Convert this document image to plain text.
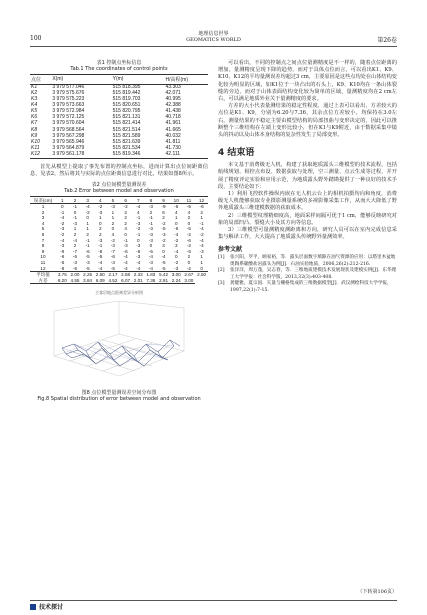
100
地理信息世界
GEOMATICS WORLD	第26卷
表1 控制点坐标信息
Tab.1 The coordinates of control points
点位	X(m)	Y(m)	H/高程(m)
K1	3 979 577.046	515 818.395	43.303
K2	3 979 575.676	515 819.442	42.071
K3	3 979 575.223	515 819.703	40.995
K4	3 979 573.663	515 820.651	42.388
K5	3 979 572.984	515 820.795	41.438
K6	3 979 572.125	515 821.131	40.718
K7	3 979 570.604	515 821.414	41.961
K8	3 979 568.564	515 821.514	41.665
K9	3 979 567.298	515 821.589	40.032
K10	3 979 565.946	515 821.639	41.811
K11	3 979 564.879	515 821.534	41.730
K12	3 979 561.178	515 819.346	42.111

首先从模型上提取了事先布置的控制点坐标，进而计算出点位间距离信息，见表2。然后将其与实际的点位距离信息进行对比，结果如图8所示。

表2 点位间模型量测误差
Tab.2 Error between model and observation
误差(cm)	1	2	3	4	5	6	7	8	9	10	11	12
1	0	-1	-4	-2	-3	-2	-4	-3	-9	-6	-5	-6
2	-1	0	-2	-3	1	2	4	2	6	4	4	2
3	-4	-1	0	1	1	2	-1	-1	2	1	2	1
4	-2	-3	1	0	2	2	-3	-1	-2	0	0	-1
5	-3	1	1	2	0	4	-2	-3	-5	-6	-5	-4
6	-2	2	2	2	4	0	-1	-3	-3	-4	-2	-2
7	-4	-4	-1	-3	-2	-1	0	-3	-2	-2	-6	-4
8	-3	2	-1	-1	-3	-3	-3	0	3	3	-2	-4
9	-9	-7	-6	-8	-7	-6	-6	-5	0	-4	-5	-3
10	-6	-6	-5	-5	-6	-4	-3	-4	-4	0	2	1
11	-5	-3	-3	-4	-3	-4	-4	-3	-5	-2	0	1
12	-6	-6	-5	-4	-5	-4	-4	-4	-5	-3	-2	0
平均值	3.75	2.00	2.25	2.50	2.17	2.58	2.33	1.83	5.42	3.00	2.67	2.50
方差	6.20	4.55	3.84	6.09	4.52	6.07	2.01	7.36	2.91	2.24	3.00	
主客层地点距离差异分析图
图8 点位模型量测误差空间分布图
Fig.8 Spatial distribution of error between model and observation

可以看出，不同的控制点之间点位量测精度是不一样的，随着点位距离的增加，量测精度呈现下降的趋势，而对于具体点位而言，可以看出K1、K9、K10、K12的平均量测误差均超过3 cm，主要原因是这些点均处在山体结构变化较为明显的区域，如K1位于一块凸出的石头上，K9、K10均在一条山体裂缝的旁边，而对于山体表面结构变化较为简单的区域，量测精度均在2 cm左右，可以满足地质外业关于量测精度的要求。

方差的大小代表量测结果的稳定性程度，通过上表可以看出，方差较大的点位是K1、K9，分别为6.20与7.36，其余点位方差较小，均保持在3.0左右。测量结果的不稳定主要由模型结构的局部扭曲与变形决定的，因此可以推断整个三维结构在左端上变形比较小，但在K1与K9附近，由于数据采集中镜头的抖动以及山体本身结构的复杂性发生了局部变形。

4 结束语

本文基于消费级无人机，构建了获取地质露头三维模型的技术流程，包括航线规划、相控点布设、数据获取与处理，空三测量、点云生成等过程，并开展了精度评定实验和应用示范，为地质露头野外踏勘提供了一种良好的技术手段，主要结论如下：

1）利用飞控软件操纵内嵌在无人机云台上的相机拍摄均向和角度，消费级无人机能够获取专业摄影测量系统的多视影像采集工作，从而大大降低了野外地质露头三维建模数据的获取成本。

2）三维模型纹理精细度高，地面采样间隔可优于1 cm，能够反映研究对象的局部凹凸、裂缝大小及其方向等信息。

3）三维模型可量测精度测距离和方向，研究人员可以在室内完成信息采集与解译工作，大大提高了地质露头传统野外量测效率。

参考文献
[1]	张兴阳，罗平，顾家裕，等．露头层面数字填隙在油气资源的应用：以塔里木盆地奥陶系碳酸盐岩露头为例[J]．石油实验地质，2006,26(2):212-216.
[2]	张洋洋，周万蓬，吴志春，等．三维地质建模技术发展现状及建模实例[J]．东华理工大学学报：社会科学版，2013,32(3):403-408.
[3]	龚健雅，夏宗国．矢量与栅格集成的三维数据模型[J]．武汉测绘科技大学学报，1997,22(1):7-15.
（下转第106页）
技术探讨
